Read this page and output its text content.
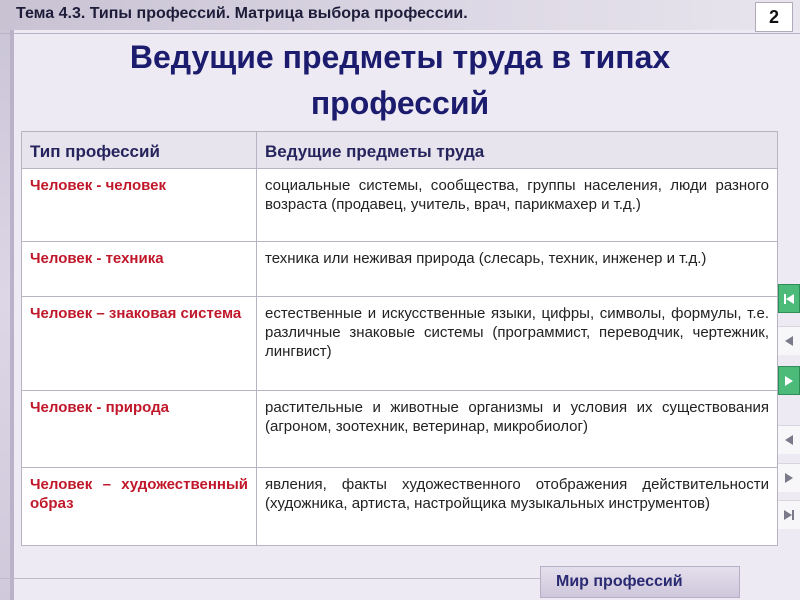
Тема 4.3. Типы профессий. Матрица выбора профессии.	2
Ведущие предметы труда в типах
профессий
Тип профессий	Ведущие предметы труда
Человек - человек	социальные системы, сообщества, группы населения, люди разного возраста (продавец, учитель, врач, парикмахер и т.д.)
Человек - техника	техника или неживая природа (слесарь, техник, инженер и т.д.)
Человек – знаковая система	естественные и искусственные языки, цифры, символы, формулы, т.е. различные знаковые системы (программист, переводчик, чертежник, лингвист)
Человек - природа	растительные и животные организмы и условия их существования (агроном, зоотехник, ветеринар, микробиолог)
Человек – художественный образ	явления, факты художественного отображения действительности (художника, артиста, настройщика музыкальных инструментов)
Мир профессий
